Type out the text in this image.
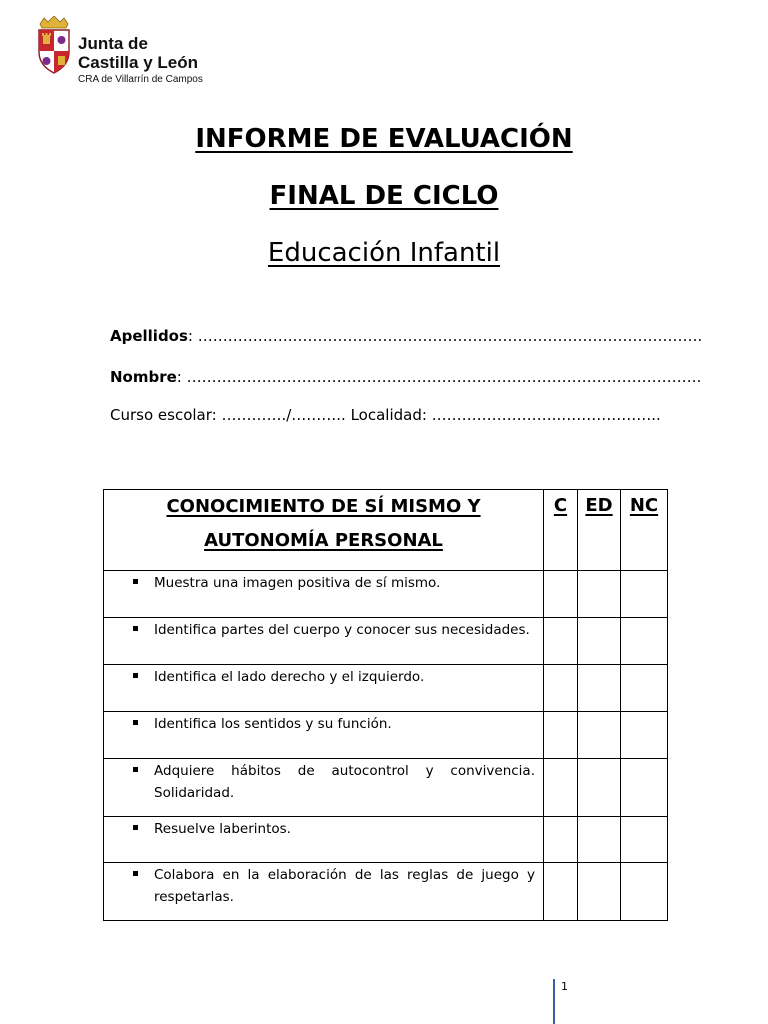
Junta de
Castilla y León
CRA de Villarrín de Campos
INFORME DE EVALUACIÓN
FINAL DE CICLO
Educación Infantil
Apellidos: ……………….……………………………………………………………………….
Nombre: ………………………………………………………………………………………….
Curso escolar: …………./……….. Localidad: ……………………..………………..
CONOCIMIENTO DE SÍ MISMO Y
AUTONOMÍA PERSONAL	C	ED	NC

Muestra una imagen positiva de sí mismo.			

Identifica partes del cuerpo y conocer sus necesidades.			

Identifica el lado derecho y el izquierdo.			

Identifica los sentidos y su función.			

Adquiere hábitos de autocontrol y convivencia. Solidaridad.			

Resuelve laberintos.			

Colabora en la elaboración de las reglas de juego y respetarlas.			

1
